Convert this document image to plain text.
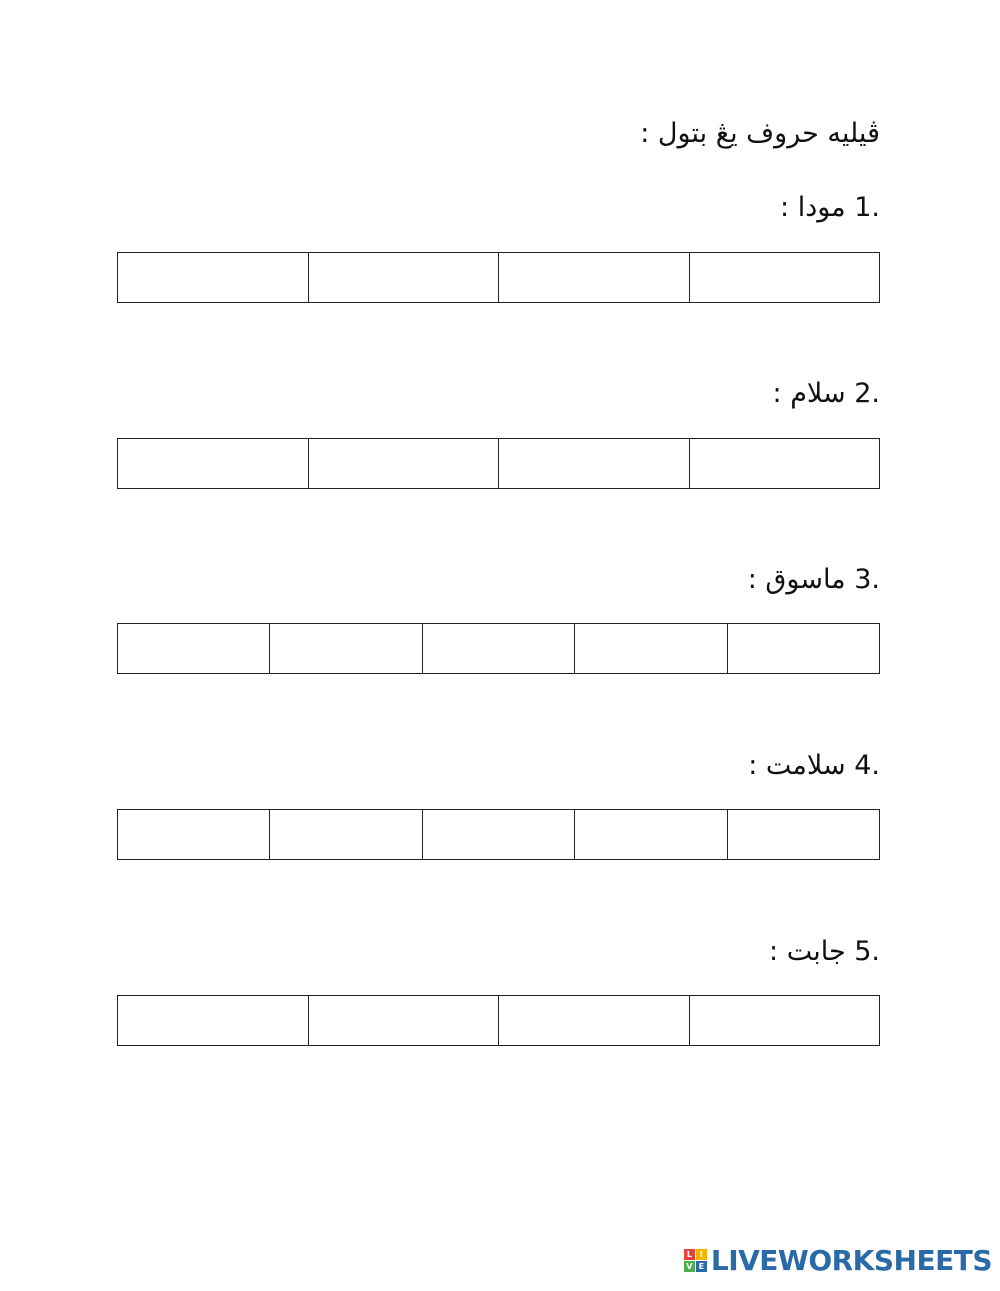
ڤيليه حروف يڠ بتول :
1. مودا :
2. سلام :
3. ماسوق :
4. سلامت :
5. جابت :
L I
V E LIVEWORKSHEETS
